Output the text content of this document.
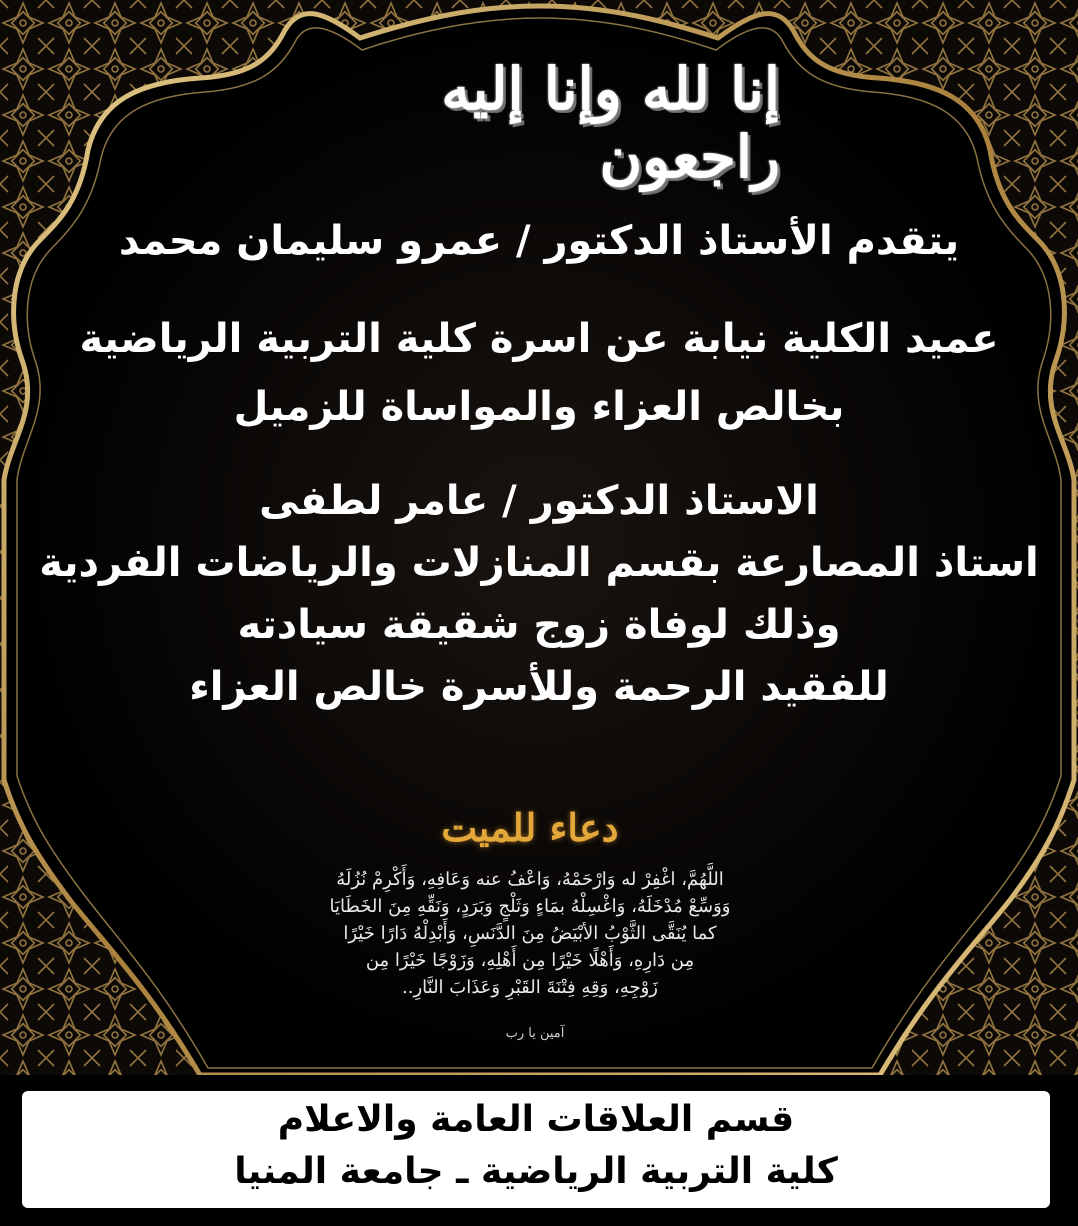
إنا لله وإنا إليه راجعون
يتقدم الأستاذ الدكتور / عمرو سليمان محمد
عميد الكلية نيابة عن اسرة كلية التربية الرياضية
بخالص العزاء والمواساة للزميل
الاستاذ الدكتور / عامر لطفى
استاذ المصارعة بقسم المنازلات والرياضات الفردية
وذلك لوفاة زوج شقيقة سيادته
للفقيد الرحمة وللأسرة خالص العزاء
دعاء للميت
اللَّهُمَّ، اغْفِرْ له وَارْحَمْهُ، وَاعْفُ عنه وَعَافِهِ، وَأَكْرِمْ نُزُلَهُ
وَوَسِّعْ مُدْخَلَهُ، وَاغْسِلْهُ بمَاءٍ وَثَلْجٍ وَبَرَدٍ، وَنَقِّهِ مِنَ الخَطَايَا
كما يُنَقَّى الثَّوْبُ الأبْيَضُ مِنَ الدَّنَسِ، وَأَبْدِلْهُ دَارًا خَيْرًا
مِن دَارِهِ، وَأَهْلًا خَيْرًا مِن أَهْلِهِ، وَزَوْجًا خَيْرًا مِن
زَوْجِهِ، وَقِهِ فِتْنَةَ القَبْرِ وَعَذَابَ النَّارِ..
آمين يا رب
قسم العلاقات العامة والاعلام
كلية التربية الرياضية ـ جامعة المنيا
